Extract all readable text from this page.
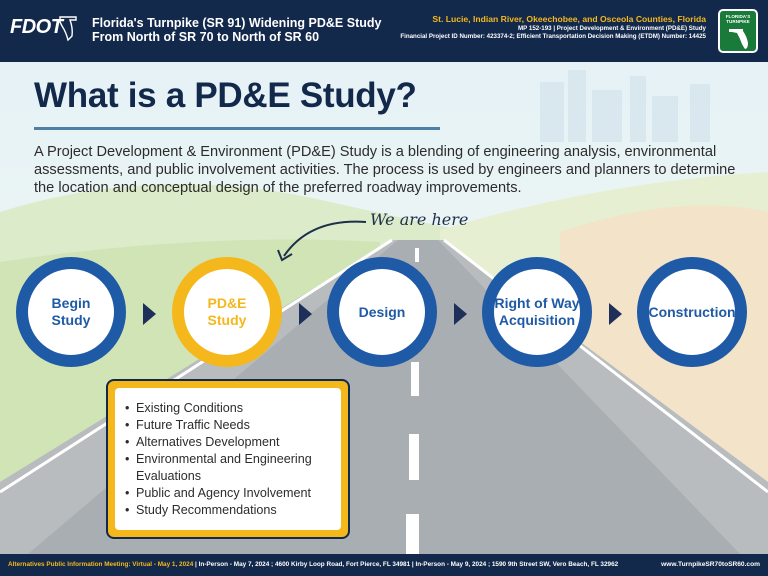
FDOT Florida's Turnpike (SR 91) Widening PD&E Study
From North of SR 70 to North of SR 60
St. Lucie, Indian River, Okeechobee, and Osceola Counties, Florida
MP 152-193 | Project Development & Environment (PD&E) Study
Financial Project ID Number: 423374-2; Efficient Transportation Decision Making (ETDM) Number: 14425
FLORIDA'S TURNPIKE
What is a PD&E Study?
A Project Development & Environment (PD&E) Study is a blending of engineering analysis, environmental assessments, and public involvement activities. The process is used by engineers and planners to determine the location and conceptual design of the preferred roadway improvements.
We are here
Begin
Study
PD&E
Study
Design
Right of Way
Acquisition
Construction
• Existing Conditions
• Future Traffic Needs
• Alternatives Development
• Environmental and Engineering Evaluations
• Public and Agency Involvement
• Study Recommendations
Alternatives Public Information Meeting: Virtual - May 1, 2024 | In-Person - May 7, 2024 ; 4600 Kirby Loop Road, Fort Pierce, FL 34981 | In-Person - May 9, 2024 ; 1590 9th Street SW, Vero Beach, FL 32962	www.TurnpikeSR70toSR60.com
